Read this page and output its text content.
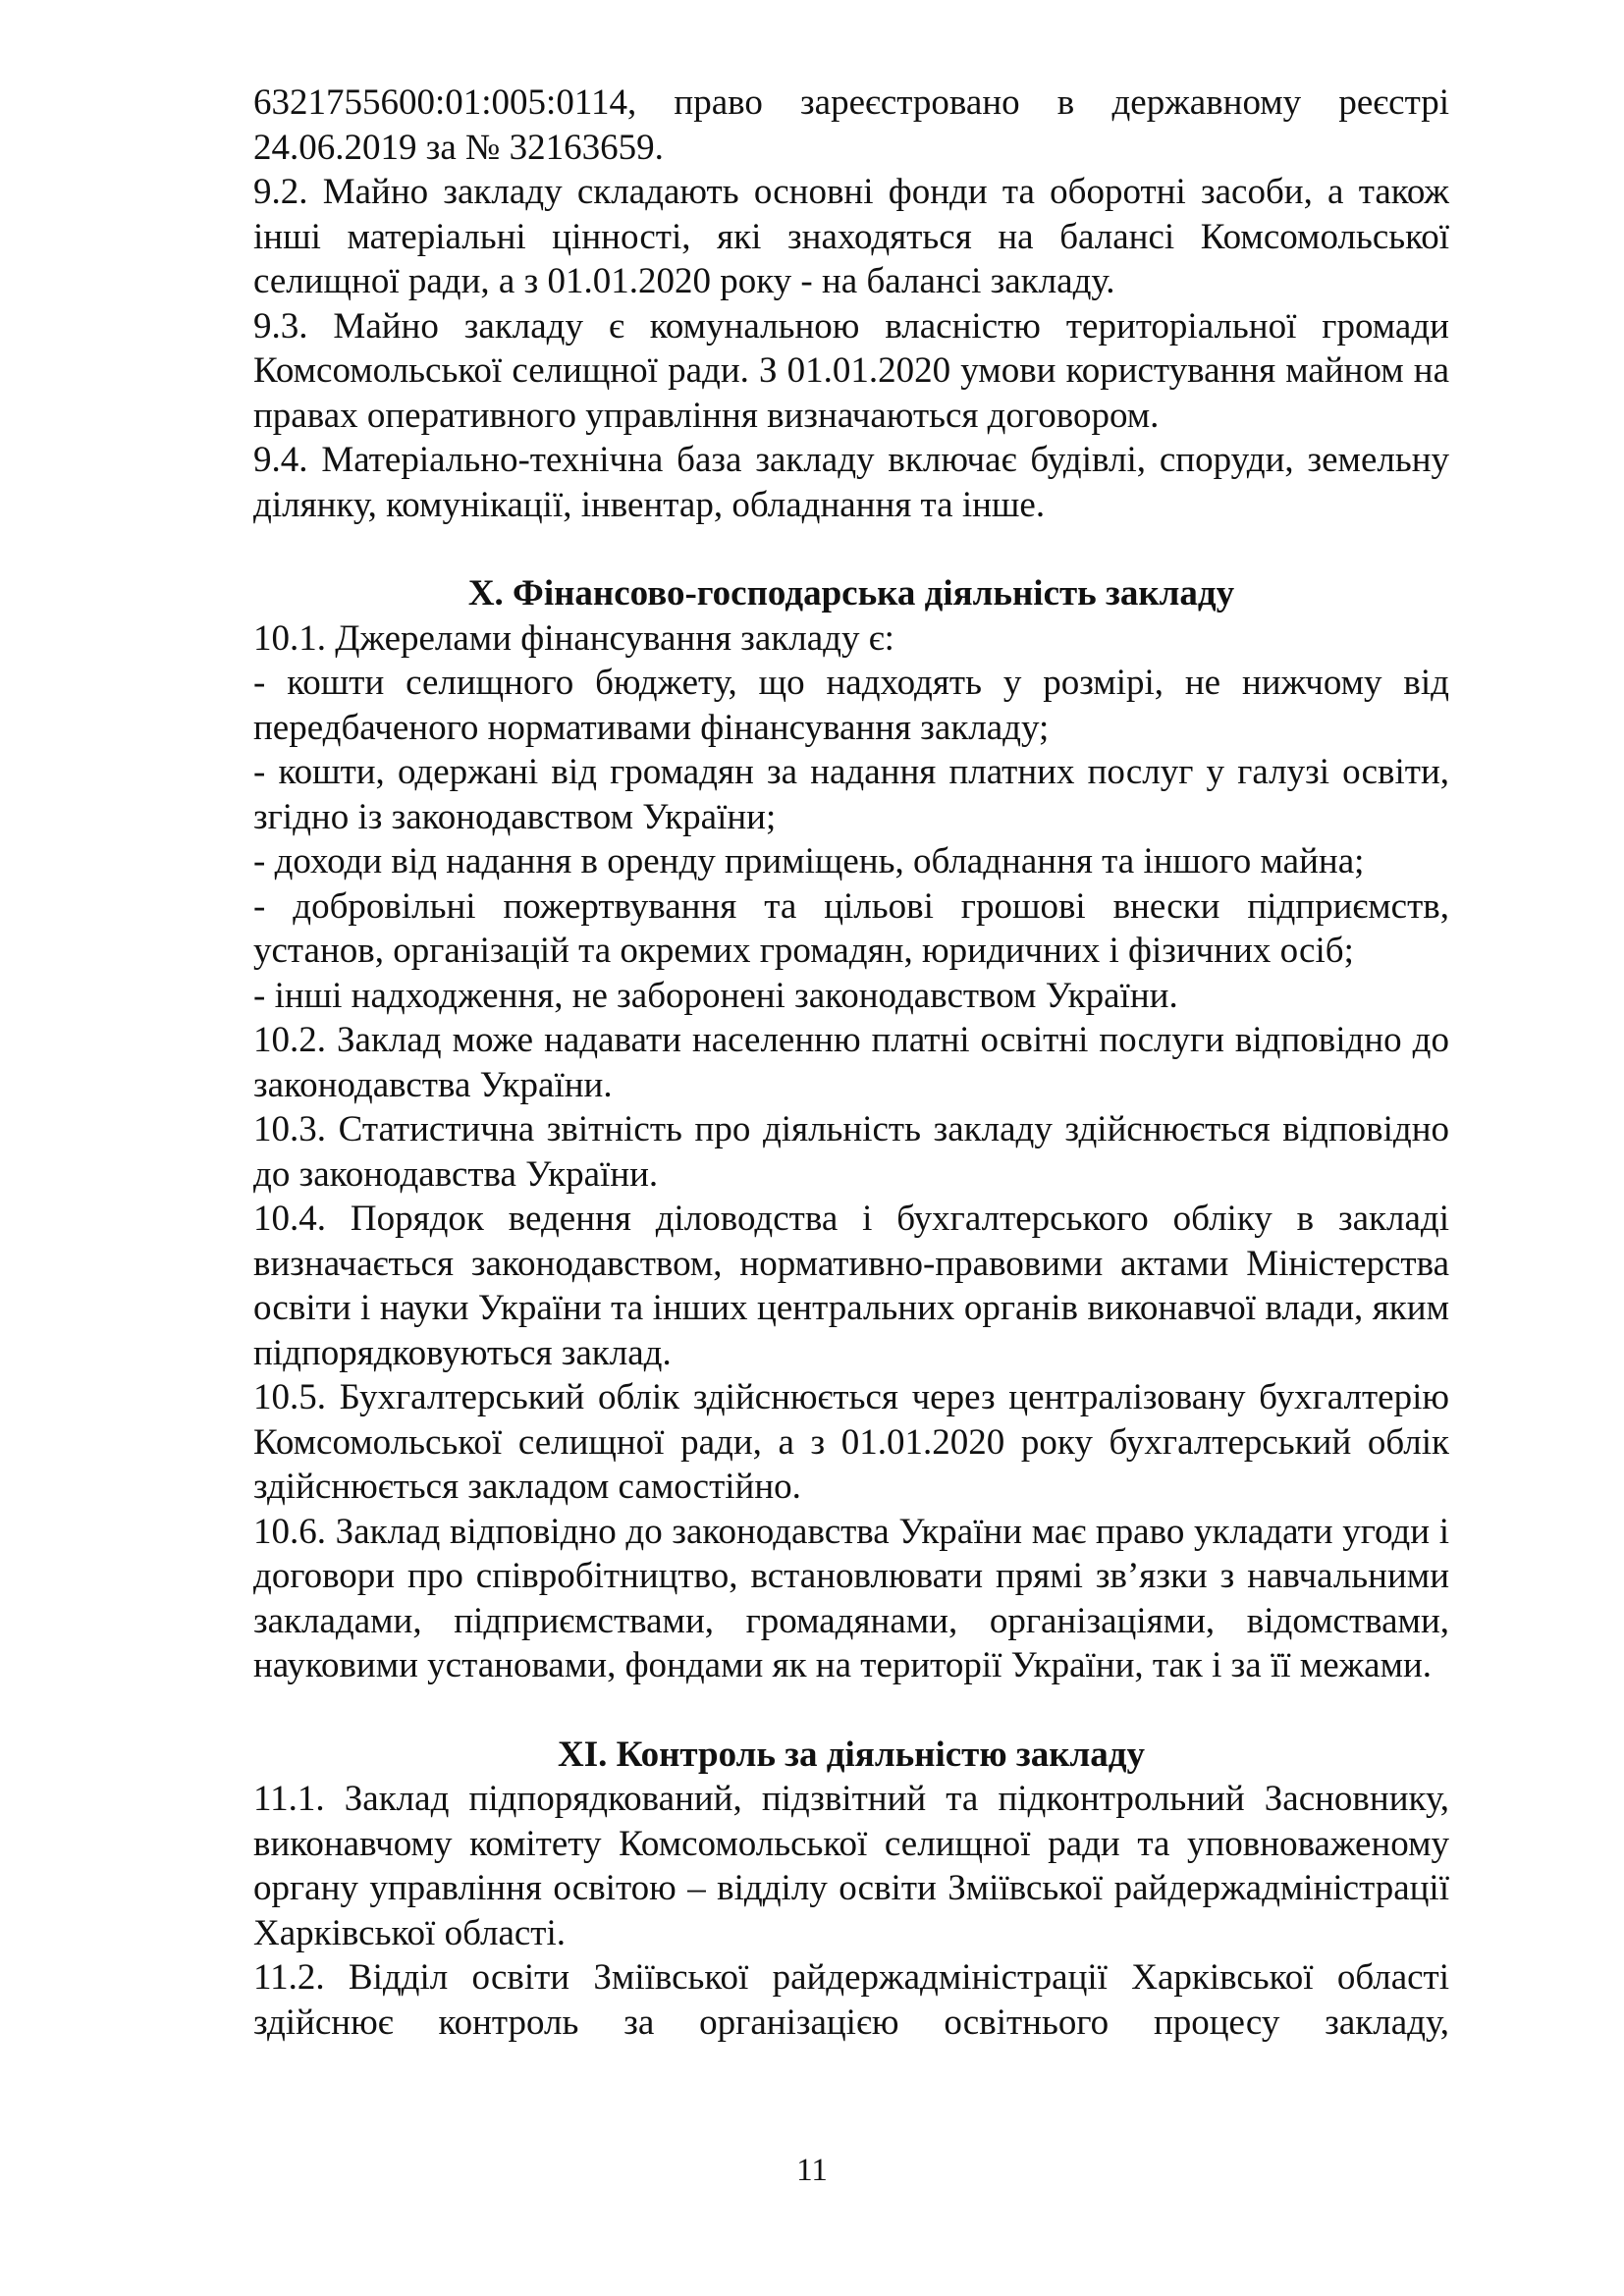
6321755600:01:005:0114, право зареєстровано в державному реєстрі 24.06.2019 за № 32163659.

9.2. Майно закладу складають основні фонди та оборотні засоби, а також інші матеріальні цінності, які знаходяться на балансі Комсомольської селищної ради, а з 01.01.2020 року - на балансі закладу.

9.3. Майно закладу є комунальною власністю територіальної громади Комсомольської селищної ради. З 01.01.2020 умови користування майном на правах оперативного управління визначаються договором.

9.4. Матеріально-технічна база закладу включає будівлі, споруди, земельну ділянку, комунікації, інвентар, обладнання та інше.

X. Фінансово-господарська діяльність закладу

10.1. Джерелами фінансування закладу є:

- кошти селищного бюджету, що надходять у розмірі, не нижчому від передбаченого нормативами фінансування закладу;

- кошти, одержані від громадян за надання платних послуг у галузі освіти, згідно із законодавством України;

- доходи від надання в оренду приміщень, обладнання та іншого майна;

- добровільні пожертвування та цільові грошові внески підприємств, установ, організацій та окремих громадян, юридичних і фізичних осіб;

- інші надходження, не заборонені законодавством України.

10.2. Заклад може надавати населенню платні освітні послуги відповідно до законодавства України.

10.3. Статистична звітність про діяльність закладу здійснюється відповідно до законодавства України.

10.4. Порядок ведення діловодства і бухгалтерського обліку в закладі визначається законодавством, нормативно-правовими актами Міністерства освіти і науки України та інших центральних органів виконавчої влади, яким підпорядковуються заклад.

10.5. Бухгалтерський облік здійснюється через централізовану бухгалтерію Комсомольської селищної ради, а з 01.01.2020 року бухгалтерський облік здійснюється закладом самостійно.

10.6. Заклад відповідно до законодавства України має право укладати угоди і договори про співробітництво, встановлювати прямі зв’язки з навчальними закладами, підприємствами, громадянами, організаціями, відомствами, науковими установами, фондами як на території України, так і за її межами.

XI. Контроль за діяльністю закладу

11.1. Заклад підпорядкований, підзвітний та підконтрольний Засновнику, виконавчому комітету Комсомольської селищної ради та уповноваженому органу управління освітою – відділу освіти Зміївської райдержадміністрації Харківської області.

11.2. Відділ освіти Зміївської райдержадміністрації Харківської області здійснює контроль за організацією освітнього процесу закладу,

11
